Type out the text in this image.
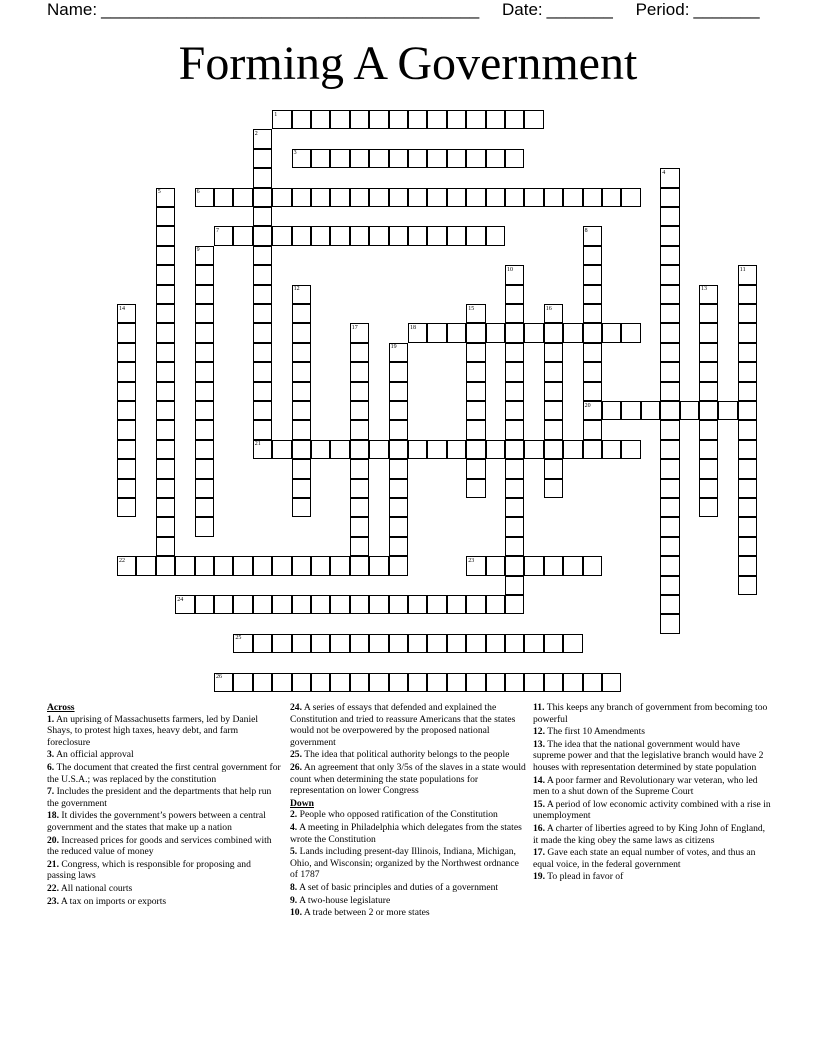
Name: ________________________________________ Date: _______ Period: _______
Forming A Government
1
2
3
4
5	6
7	8
9
10	11
12	13
14	15	16
17	18
19
20
21
22	23
24
25
26
Across
1. An uprising of Massachusetts farmers, led by Daniel Shays, to protest high taxes, heavy debt, and farm foreclosure
3. An official approval
6. The document that created the first central government for the U.S.A.; was replaced by the constitution
7. Includes the president and the departments that help run the government
18. It divides the government’s powers between a central government and the states that make up a nation
20. Increased prices for goods and services combined with the reduced value of money
21. Congress, which is responsible for proposing and passing laws
22. All national courts
23. A tax on imports or exports
24. A series of essays that defended and explained the Constitution and tried to reassure Americans that the states would not be overpowered by the proposed national government
25. The idea that political authority belongs to the people
26. An agreement that only 3/5s of the slaves in a state would count when determining the state populations for representation on lower Congress
Down
2. People who opposed ratification of the Constitution
4. A meeting in Philadelphia which delegates from the states wrote the Constitution
5. Lands including present-day Illinois, Indiana, Michigan, Ohio, and Wisconsin; organized by the Northwest ordnance of 1787
8. A set of basic principles and duties of a government
9. A two-house legislature
10. A trade between 2 or more states
11. This keeps any branch of government from becoming too powerful
12. The first 10 Amendments
13. The idea that the national government would have supreme power and that the legislative branch would have 2 houses with representation determined by state population
14. A poor farmer and Revolutionary war veteran, who led men to a shut down of the Supreme Court
15. A period of low economic activity combined with a rise in unemployment
16. A charter of liberties agreed to by King John of England, it made the king obey the same laws as citizens
17. Gave each state an equal number of votes, and thus an equal voice, in the federal government
19. To plead in favor of
